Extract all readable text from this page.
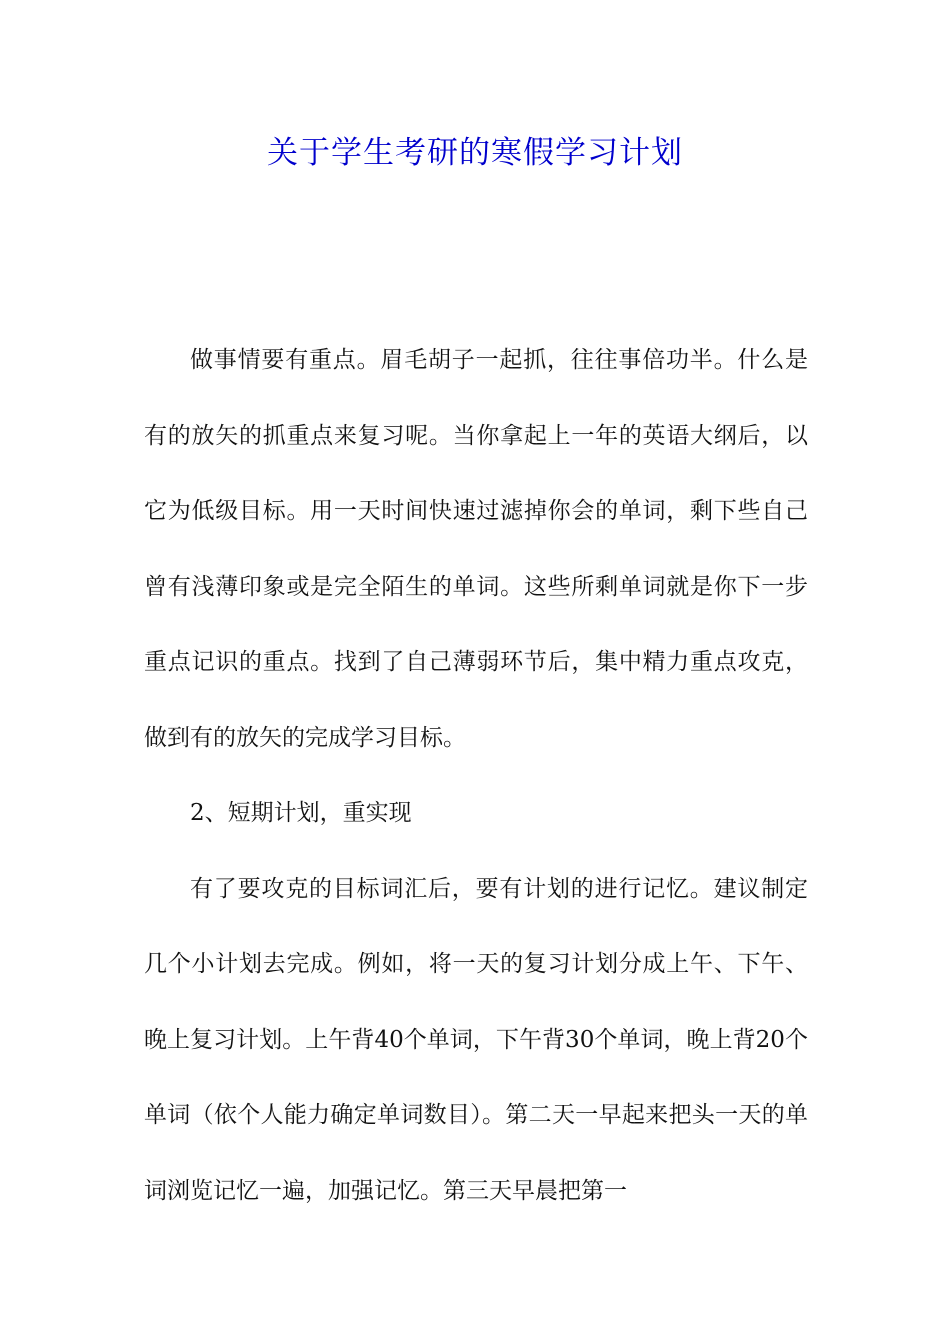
关于学生考研的寒假学习计划

做事情要有重点。眉毛胡子一起抓，往往事倍功半。什么是有的放矢的抓重点来复习呢。当你拿起上一年的英语大纲后，以它为低级目标。用一天时间快速过滤掉你会的单词，剩下些自己曾有浅薄印象或是完全陌生的单词。这些所剩单词就是你下一步重点记识的重点。找到了自己薄弱环节后，集中精力重点攻克，做到有的放矢的完成学习目标。

2、短期计划，重实现

有了要攻克的目标词汇后，要有计划的进行记忆。建议制定几个小计划去完成。例如，将一天的复习计划分成上午、下午、晚上复习计划。上午背40个单词，下午背30个单词，晚上背20个单词（依个人能力确定单词数目）。第二天一早起来把头一天的单词浏览记忆一遍，加强记忆。第三天早晨把第一
